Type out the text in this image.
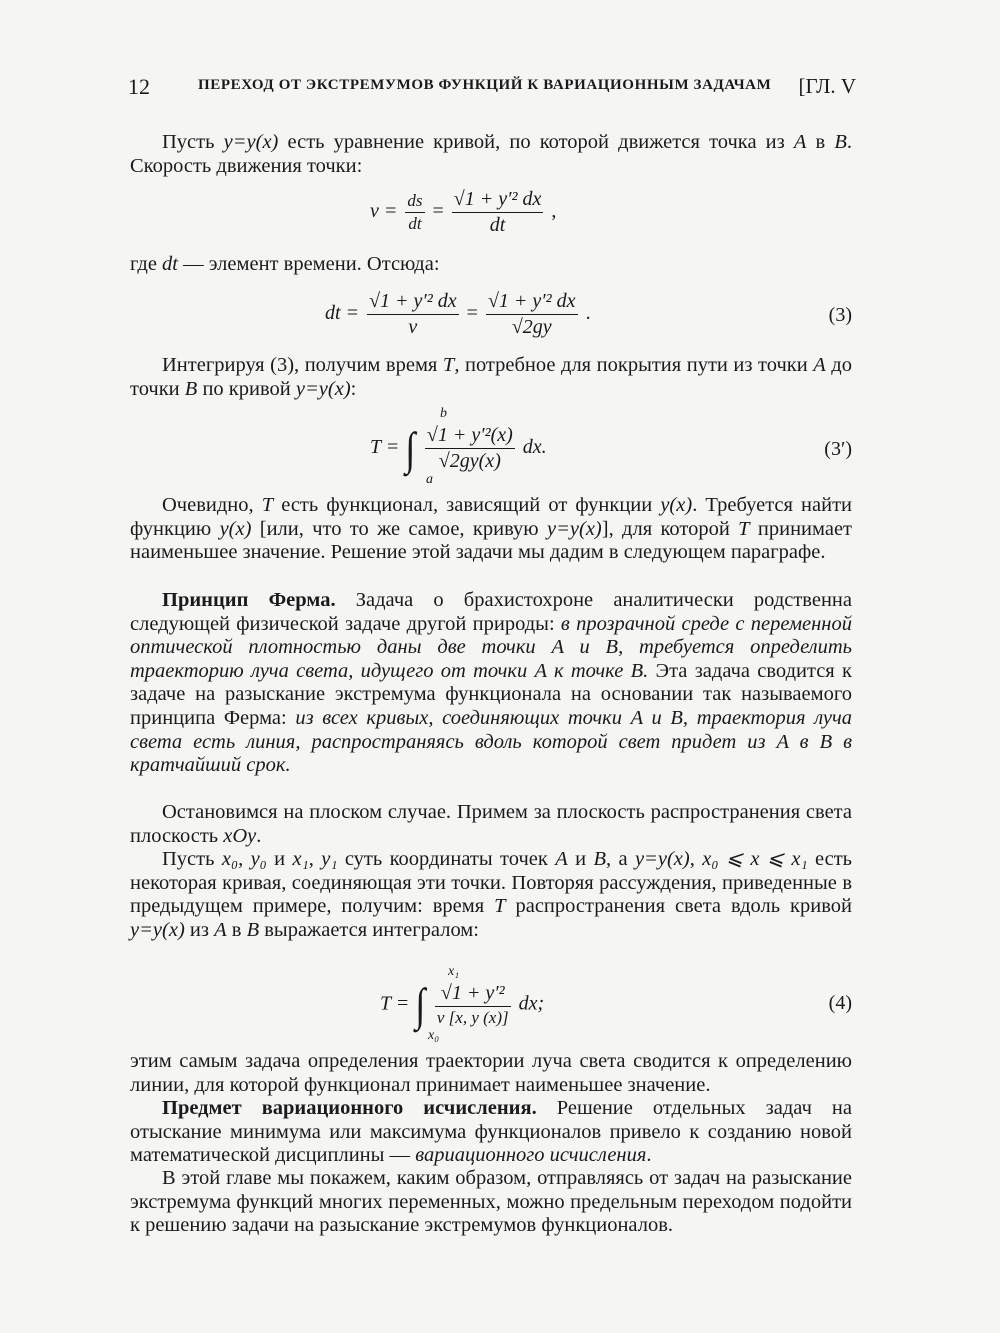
12	ПЕРЕХОД ОТ ЭКСТРЕМУМОВ ФУНКЦИЙ К ВАРИАЦИОННЫМ ЗАДАЧАМ [ГЛ. V

Пусть y=y(x) есть уравнение кривой, по которой движется точка из A в B. Скорость движения точки:

$v = \frac{ds}{dt} = \frac{\text{√1 + y′² dx}}{dt}$ ,

где dt — элемент времени. Отсюда:

dt = $\frac{\text{√1 + y′² dx}}{v} = \frac{\text{√1 + y′² dx}}{√2gy}$ .	(3)

Интегрируя (3), получим время T, потребное для покрытия пути из точки A до точки B по кривой y=y(x):

T = ∫ $\frac{\text{√1 + y′²(x)}}{√2gy(x)}$ dx.
b
a
(3′)

Очевидно, T есть функционал, зависящий от функции y(x). Требуется найти функцию y(x) [или, что то же самое, кривую y=y(x)], для которой T принимает наименьшее значение. Решение этой задачи мы дадим в следующем параграфе.

Принцип Ферма. Задача о брахистохроне аналитически родственна следующей физической задаче другой природы: в прозрачной среде с переменной оптической плотностью даны две точки A и B, требуется определить траекторию луча света, идущего от точки A к точке B. Эта задача сводится к задаче на разыскание экстремума функционала на основании так называемого принципа Ферма: из всех кривых, соединяющих точки A и B, траектория луча света есть линия, распространяясь вдоль которой свет придет из A в B в кратчайший срок.

Остановимся на плоском случае. Примем за плоскость распространения света плоскость xOy.

Пусть x₀, y₀ и x₁, y₁ суть координаты точек A и B, а y=y(x), x₀ ⩽ x ⩽ x₁ есть некоторая кривая, соединяющая эти точки. Повторяя рассуждения, приведенные в предыдущем примере, получим: время T распространения света вдоль кривой y=y(x) из A в B выражается интегралом:

T = ∫ $\frac{\text{√1 + y′²}}{v [x, y (x)]}$ dx;
x₁
x₀
(4)

этим самым задача определения траектории луча света сводится к определению линии, для которой функционал принимает наименьшее значение.

Предмет вариационного исчисления. Решение отдельных задач на отыскание минимума или максимума функционалов привело к созданию новой математической дисциплины — вариационного исчисления.

В этой главе мы покажем, каким образом, отправляясь от задач на разыскание экстремума функций многих переменных, можно предельным переходом подойти к решению задачи на разыскание экстремумов функционалов.
